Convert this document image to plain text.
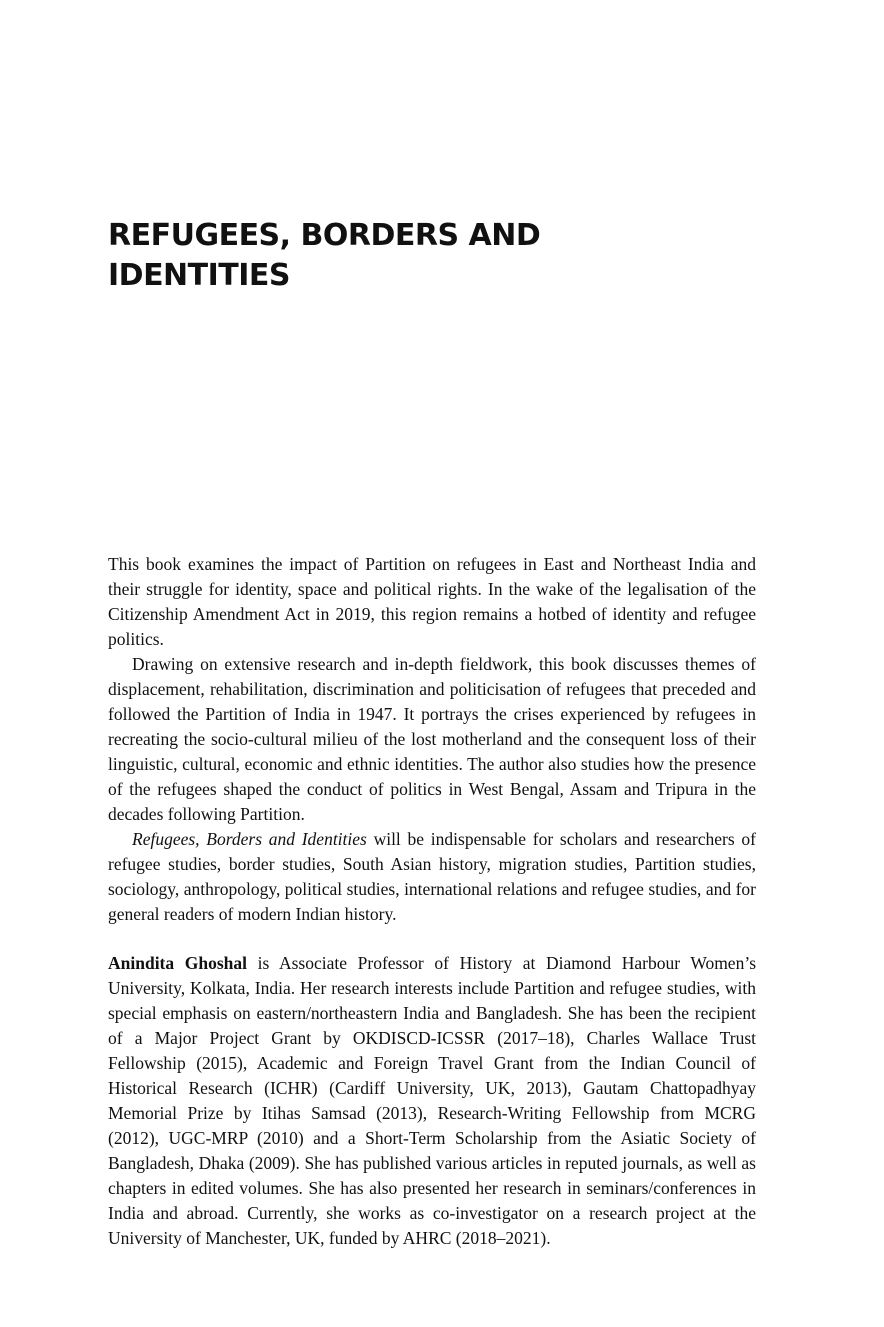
REFUGEES, BORDERS AND
IDENTITIES

This book examines the impact of Partition on refugees in East and Northeast India and their struggle for identity, space and political rights. In the wake of the legalisation of the Citizenship Amendment Act in 2019, this region remains a hotbed of identity and refugee politics.

Drawing on extensive research and in-depth fieldwork, this book discusses themes of displacement, rehabilitation, discrimination and politicisation of refugees that preceded and followed the Partition of India in 1947. It portrays the crises experienced by refugees in recreating the socio-cultural milieu of the lost motherland and the consequent loss of their linguistic, cultural, economic and ethnic identities. The author also studies how the presence of the refugees shaped the conduct of politics in West Bengal, Assam and Tripura in the decades following Partition.

Refugees, Borders and Identities will be indispensable for scholars and researchers of refugee studies, border studies, South Asian history, migration studies, Partition studies, sociology, anthropology, political studies, international relations and refugee studies, and for general readers of modern Indian history.

Anindita Ghoshal is Associate Professor of History at Diamond Harbour Women’s University, Kolkata, India. Her research interests include Partition and refugee studies, with special emphasis on eastern/northeastern India and Bangladesh. She has been the recipient of a Major Project Grant by OKDISCD-ICSSR (2017–18), Charles Wallace Trust Fellowship (2015), Academic and Foreign Travel Grant from the Indian Council of Historical Research (ICHR) (Cardiff University, UK, 2013), Gautam Chattopadhyay Memorial Prize by Itihas Samsad (2013), Research-Writing Fellowship from MCRG (2012), UGC-MRP (2010) and a Short-Term Scholarship from the Asiatic Society of Bangladesh, Dhaka (2009). She has published various articles in reputed journals, as well as chapters in edited volumes. She has also presented her research in seminars/conferences in India and abroad. Currently, she works as co-investigator on a research project at the University of Manchester, UK, funded by AHRC (2018–2021).
